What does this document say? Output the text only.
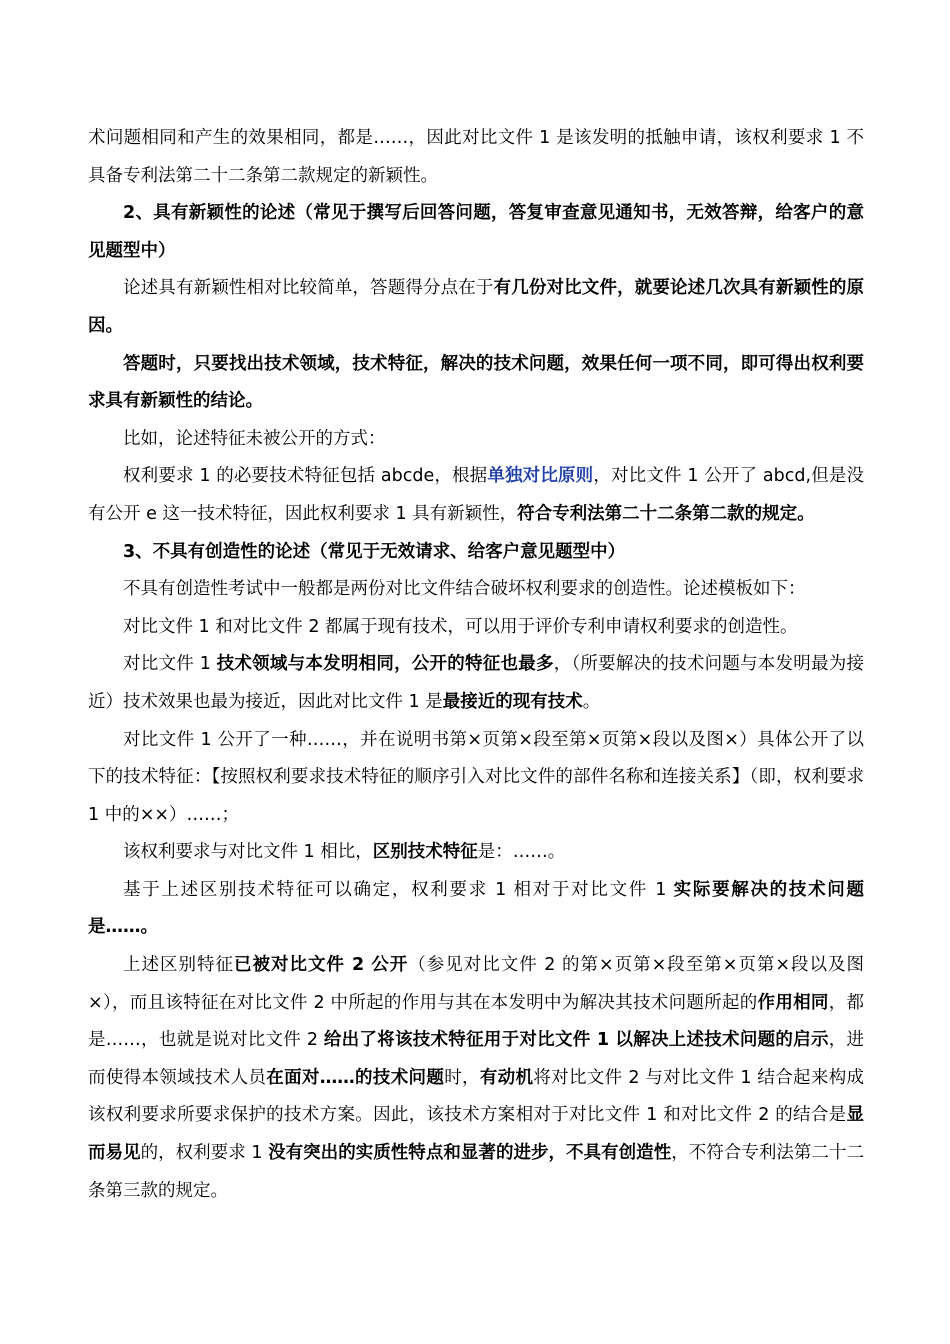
术问题相同和产生的效果相同，都是……，因此对比文件 1 是该发明的抵触申请，该权利要求 1 不具备专利法第二十二条第二款规定的新颖性。

2、具有新颖性的论述（常见于撰写后回答问题，答复审查意见通知书，无效答辩，给客户的意见题型中）

论述具有新颖性相对比较简单，答题得分点在于有几份对比文件，就要论述几次具有新颖性的原因。

答题时，只要找出技术领域，技术特征，解决的技术问题，效果任何一项不同，即可得出权利要求具有新颖性的结论。

比如，论述特征未被公开的方式：

权利要求 1 的必要技术特征包括 abcde，根据单独对比原则，对比文件 1 公开了 abcd,但是没有公开 e 这一技术特征，因此权利要求 1 具有新颖性，符合专利法第二十二条第二款的规定。

3、不具有创造性的论述（常见于无效请求、给客户意见题型中）

不具有创造性考试中一般都是两份对比文件结合破坏权利要求的创造性。论述模板如下：

对比文件 1 和对比文件 2 都属于现有技术，可以用于评价专利申请权利要求的创造性。

对比文件 1 技术领域与本发明相同，公开的特征也最多，（所要解决的技术问题与本发明最为接近）技术效果也最为接近，因此对比文件 1 是最接近的现有技术。

对比文件 1 公开了一种……，并在说明书第×页第×段至第×页第×段以及图×）具体公开了以下的技术特征：【按照权利要求技术特征的顺序引入对比文件的部件名称和连接关系】（即，权利要求 1 中的××）……；

该权利要求与对比文件 1 相比，区别技术特征是：……。

基于上述区别技术特征可以确定，权利要求 1 相对于对比文件 1 实际要解决的技术问题是……。

上述区别特征已被对比文件 2 公开（参见对比文件 2 的第×页第×段至第×页第×段以及图×），而且该特征在对比文件 2 中所起的作用与其在本发明中为解决其技术问题所起的作用相同，都是……，也就是说对比文件 2 给出了将该技术特征用于对比文件 1 以解决上述技术问题的启示，进而使得本领域技术人员在面对……的技术问题时，有动机将对比文件 2 与对比文件 1 结合起来构成该权利要求所要求保护的技术方案。因此，该技术方案相对于对比文件 1 和对比文件 2 的结合是显而易见的，权利要求 1 没有突出的实质性特点和显著的进步，不具有创造性，不符合专利法第二十二条第三款的规定。
